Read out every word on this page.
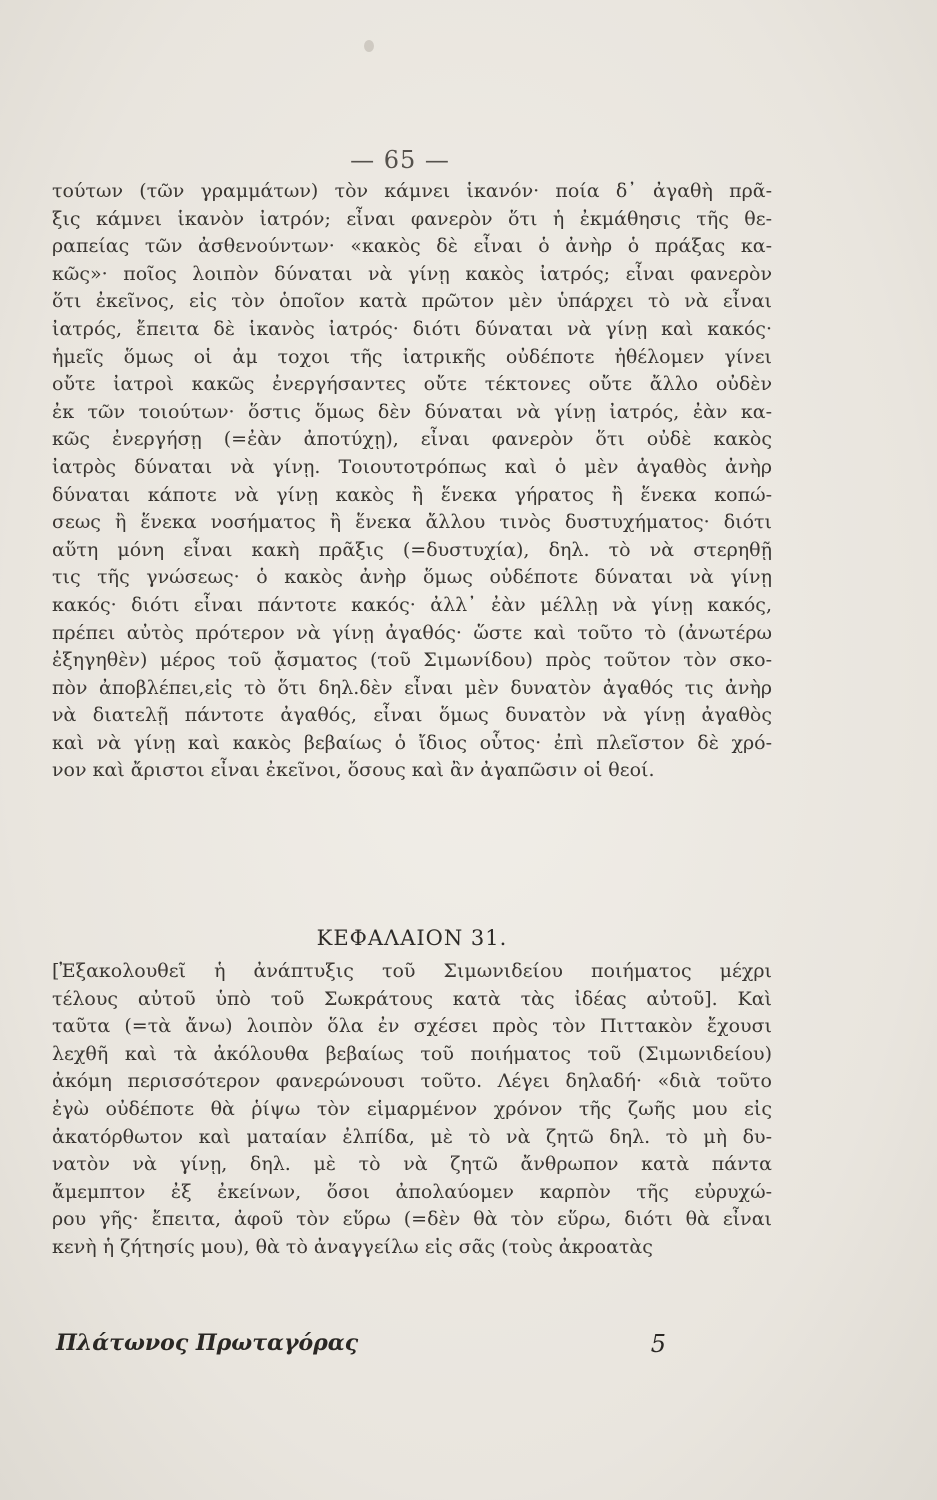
— 65 —
τούτων (τῶν γραμμάτων) τὸν κάμνει ἱκανόν· ποία δ᾽ ἀγαθὴ πρᾶ-
ξις κάμνει ἱκανὸν ἰατρόν; εἶναι φανερὸν ὅτι ἡ ἐκμάθησις τῆς θε-
ραπείας τῶν ἀσθενούντων· «κακὸς δὲ εἶναι ὁ ἀνὴρ ὁ πράξας κα-
κῶς»· ποῖος λοιπὸν δύναται νὰ γίνῃ κακὸς ἰατρός; εἶναι φανερὸν
ὅτι ἐκεῖνος, εἰς τὸν ὁποῖον κατὰ πρῶτον μὲν ὑπάρχει τὸ νὰ εἶναι
ἰατρός, ἔπειτα δὲ ἱκανὸς ἰατρός· διότι δύναται νὰ γίνῃ καὶ κακός·
ἡμεῖς ὅμως οἱ ἀμ τοχοι τῆς ἰατρικῆς οὐδέποτε ἠθέλομεν γίνει
οὔτε ἰατροὶ κακῶς ἐνεργήσαντες οὔτε τέκτονες οὔτε ἄλλο οὐδὲν
ἐκ τῶν τοιούτων· ὅστις ὅμως δὲν δύναται νὰ γίνῃ ἰατρός, ἐὰν κα-
κῶς ἐνεργήσῃ (=ἐὰν ἀποτύχῃ), εἶναι φανερὸν ὅτι οὐδὲ κακὸς
ἰατρὸς δύναται νὰ γίνῃ. Τοιουτοτρόπως καὶ ὁ μὲν ἀγαθὸς ἀνὴρ
δύναται κάποτε νὰ γίνῃ κακὸς ἢ ἕνεκα γήρατος ἢ ἕνεκα κοπώ-
σεως ἢ ἕνεκα νοσήματος ἢ ἕνεκα ἄλλου τινὸς δυστυχήματος· διότι
αὕτη μόνη εἶναι κακὴ πρᾶξις (=δυστυχία), δηλ. τὸ νὰ στερηθῇ
τις τῆς γνώσεως· ὁ κακὸς ἀνὴρ ὅμως οὐδέποτε δύναται νὰ γίνῃ
κακός· διότι εἶναι πάντοτε κακός· ἀλλ᾽ ἐὰν μέλλῃ νὰ γίνῃ κακός,
πρέπει αὐτὸς πρότερον νὰ γίνῃ ἀγαθός· ὥστε καὶ τοῦτο τὸ (ἀνωτέρω
ἐξηγηθὲν) μέρος τοῦ ᾄσματος (τοῦ Σιμωνίδου) πρὸς τοῦτον τὸν σκο-
πὸν ἀποβλέπει,εἰς τὸ ὅτι δηλ.δὲν εἶναι μὲν δυνατὸν ἀγαθός τις ἀνὴρ
νὰ διατελῇ πάντοτε ἀγαθός, εἶναι ὅμως δυνατὸν νὰ γίνῃ ἀγαθὸς
καὶ νὰ γίνῃ καὶ κακὸς βεβαίως ὁ ἴδιος οὗτος· ἐπὶ πλεῖστον δὲ χρό-
νον καὶ ἄριστοι εἶναι ἐκεῖνοι, ὅσους καὶ ἂν ἀγαπῶσιν οἱ θεοί.
ΚΕΦΑΛΑΙΟΝ 31.
[Ἐξακολουθεῖ ἡ ἀνάπτυξις τοῦ Σιμωνιδείου ποιήματος μέχρι
τέλους αὐτοῦ ὑπὸ τοῦ Σωκράτους κατὰ τὰς ἰδέας αὐτοῦ]. Καὶ
ταῦτα (=τὰ ἄνω) λοιπὸν ὅλα ἐν σχέσει πρὸς τὸν Πιττακὸν ἔχουσι
λεχθῆ καὶ τὰ ἀκόλουθα βεβαίως τοῦ ποιήματος τοῦ (Σιμωνιδείου)
ἀκόμη περισσότερον φανερώνουσι τοῦτο. Λέγει δηλαδή· «διὰ τοῦτο
ἐγὼ οὐδέποτε θὰ ῥίψω τὸν εἱμαρμένον χρόνον τῆς ζωῆς μου εἰς
ἀκατόρθωτον καὶ ματαίαν ἐλπίδα, μὲ τὸ νὰ ζητῶ δηλ. τὸ μὴ δυ-
νατὸν νὰ γίνῃ, δηλ. μὲ τὸ νὰ ζητῶ ἄνθρωπον κατὰ πάντα
ἄμεμπτον ἐξ ἐκείνων, ὅσοι ἀπολαύομεν καρπὸν τῆς εὐρυχώ-
ρου γῆς· ἔπειτα, ἀφοῦ τὸν εὕρω (=δὲν θὰ τὸν εὕρω, διότι θὰ εἶναι
κενὴ ἡ ζήτησίς μου), θὰ τὸ ἀναγγείλω εἰς σᾶς (τοὺς ἀκροατὰς
Πλάτωνος Πρωταγόρας	5
